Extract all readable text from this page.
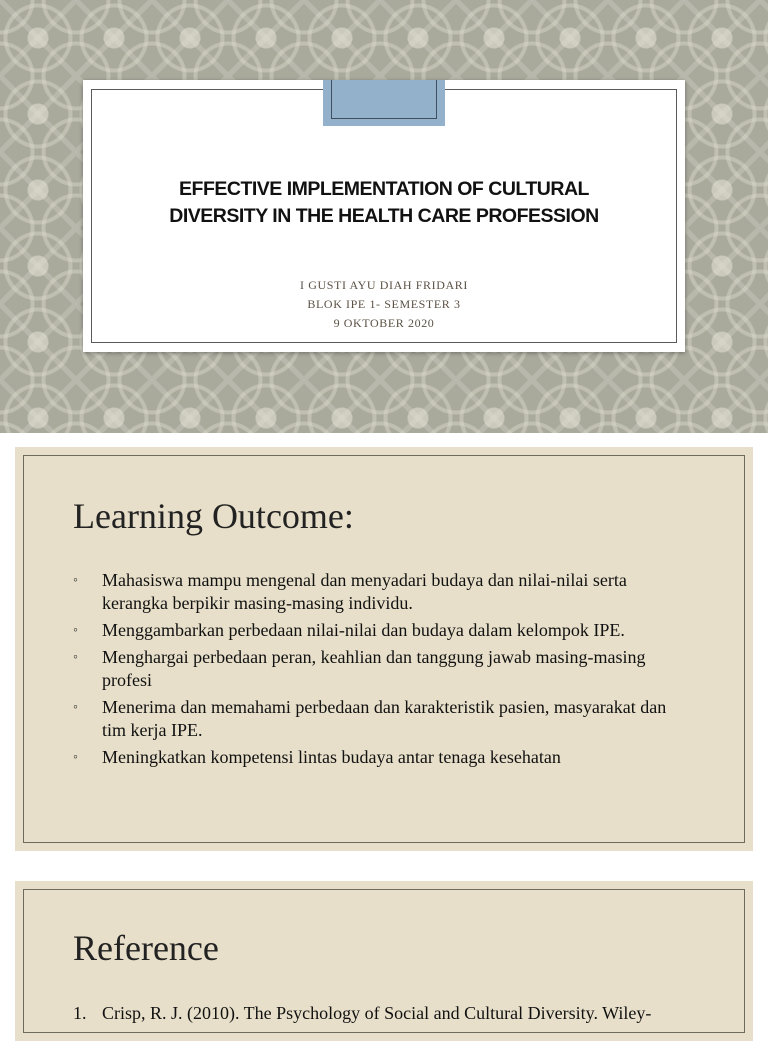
EFFECTIVE IMPLEMENTATION OF CULTURAL
DIVERSITY IN THE HEALTH CARE PROFESSION
I GUSTI AYU DIAH FRIDARI
BLOK IPE 1- SEMESTER 3
9 OKTOBER 2020
Learning Outcome:
◦ Mahasiswa mampu mengenal dan menyadari budaya dan nilai-nilai serta kerangka berpikir masing-masing individu.
◦ Menggambarkan perbedaan nilai-nilai dan budaya dalam kelompok IPE.
◦ Menghargai perbedaan peran, keahlian dan tanggung jawab masing-masing profesi
◦ Menerima dan memahami perbedaan dan karakteristik pasien, masyarakat dan tim kerja IPE.
◦ Meningkatkan kompetensi lintas budaya antar tenaga kesehatan
Reference
1. Crisp, R. J. (2010). The Psychology of Social and Cultural Diversity. Wiley-
